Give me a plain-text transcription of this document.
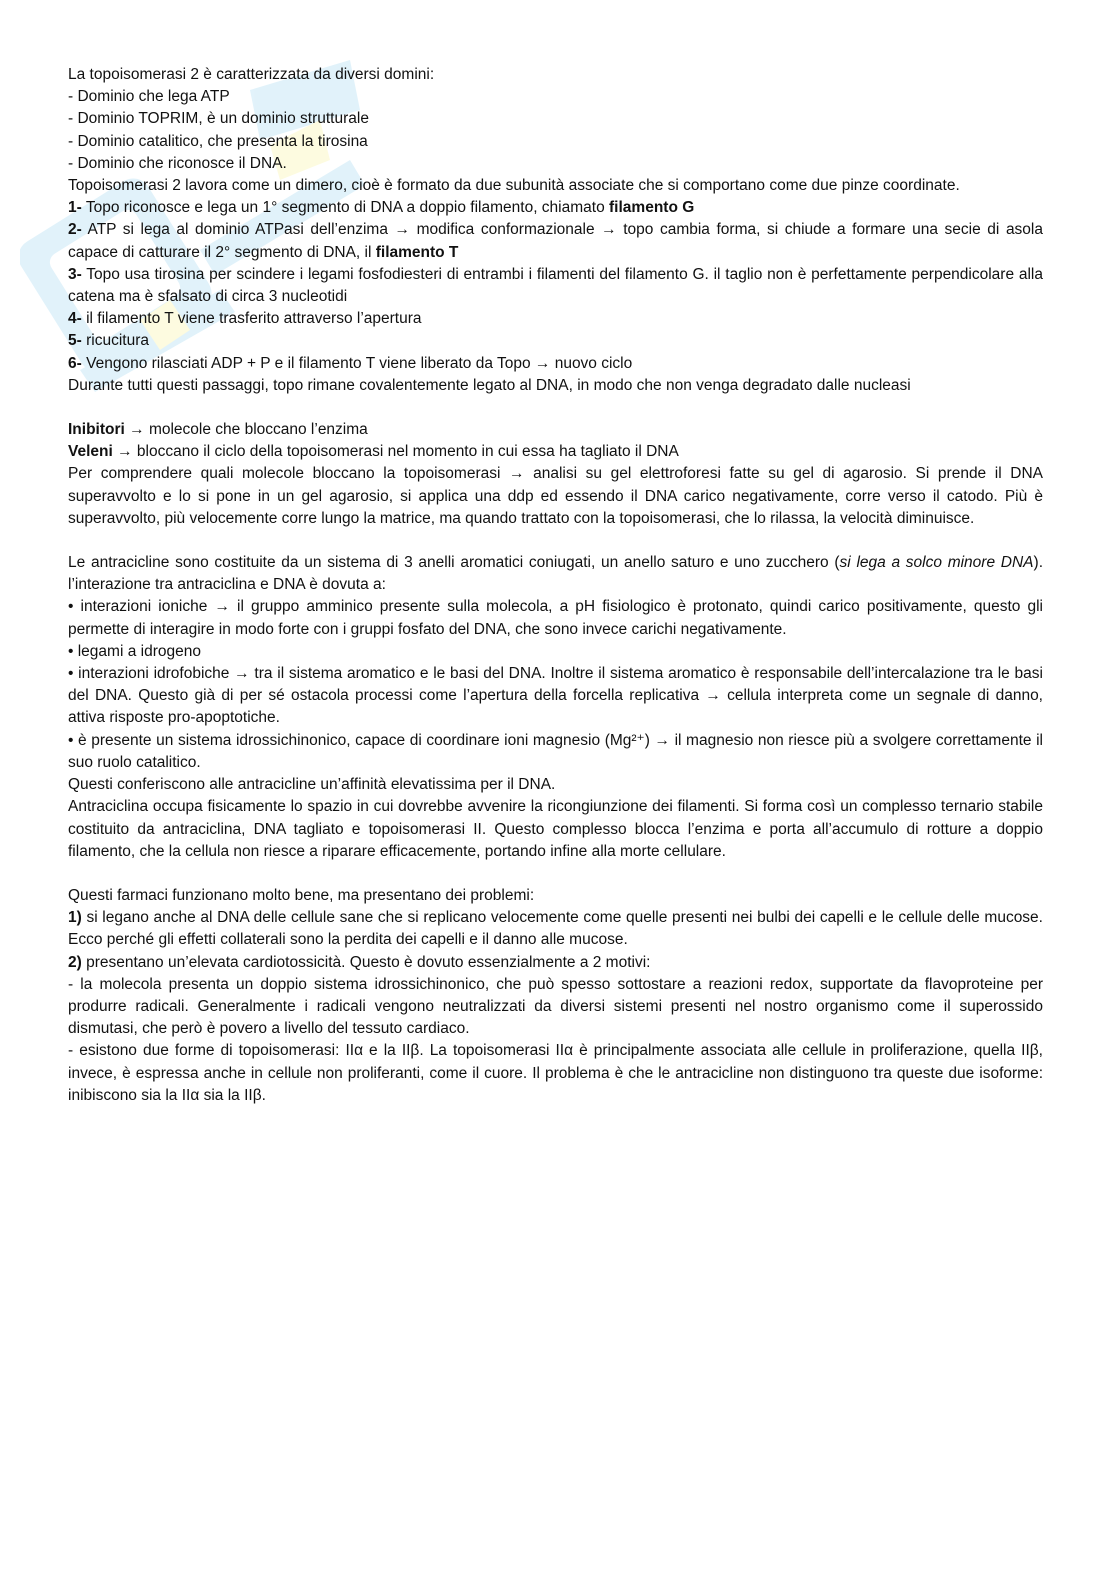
La topoisomerasi 2 è caratterizzata da diversi domini:

- Dominio che lega ATP

- Dominio TOPRIM, è un dominio strutturale

- Dominio catalitico, che presenta la tirosina

- Dominio che riconosce il DNA.

Topoisomerasi 2 lavora come un dimero, cioè è formato da due subunità associate che si comportano come due pinze coordinate.

1- Topo riconosce e lega un 1° segmento di DNA a doppio filamento, chiamato filamento G

2- ATP si lega al dominio ATPasi dell’enzima → modifica conformazionale → topo cambia forma, si chiude a formare una secie di asola capace di catturare il 2° segmento di DNA, il filamento T

3- Topo usa tirosina per scindere i legami fosfodiesteri di entrambi i filamenti del filamento G. il taglio non è perfettamente perpendicolare alla catena ma è sfalsato di circa 3 nucleotidi

4- il filamento T viene trasferito attraverso l’apertura

5- ricucitura

6- Vengono rilasciati ADP + P e il filamento T viene liberato da Topo → nuovo ciclo

Durante tutti questi passaggi, topo rimane covalentemente legato al DNA, in modo che non venga degradato dalle nucleasi

Inibitori → molecole che bloccano l’enzima

Veleni → bloccano il ciclo della topoisomerasi nel momento in cui essa ha tagliato il DNA

Per comprendere quali molecole bloccano la topoisomerasi → analisi su gel elettroforesi fatte su gel di agarosio. Si prende il DNA superavvolto e lo si pone in un gel agarosio, si applica una ddp ed essendo il DNA carico negativamente, corre verso il catodo. Più è superavvolto, più velocemente corre lungo la matrice, ma quando trattato con la topoisomerasi, che lo rilassa, la velocità diminuisce.

Le antracicline sono costituite da un sistema di 3 anelli aromatici coniugati, un anello saturo e uno zucchero (si lega a solco minore DNA). l’interazione tra antraciclina e DNA è dovuta a:

• interazioni ioniche → il gruppo amminico presente sulla molecola, a pH fisiologico è protonato, quindi carico positivamente, questo gli permette di interagire in modo forte con i gruppi fosfato del DNA, che sono invece carichi negativamente.

• legami a idrogeno

• interazioni idrofobiche → tra il sistema aromatico e le basi del DNA. Inoltre il sistema aromatico è responsabile dell’intercalazione tra le basi del DNA. Questo già di per sé ostacola processi come l’apertura della forcella replicativa → cellula interpreta come un segnale di danno, attiva risposte pro-apoptotiche.

• è presente un sistema idrossichinonico, capace di coordinare ioni magnesio (Mg²⁺) → il magnesio non riesce più a svolgere correttamente il suo ruolo catalitico.

Questi conferiscono alle antracicline un’affinità elevatissima per il DNA.

Antraciclina occupa fisicamente lo spazio in cui dovrebbe avvenire la ricongiunzione dei filamenti. Si forma così un complesso ternario stabile costituito da antraciclina, DNA tagliato e topoisomerasi II. Questo complesso blocca l’enzima e porta all’accumulo di rotture a doppio filamento, che la cellula non riesce a riparare efficacemente, portando infine alla morte cellulare.

Questi farmaci funzionano molto bene, ma presentano dei problemi:

1) si legano anche al DNA delle cellule sane che si replicano velocemente come quelle presenti nei bulbi dei capelli e le cellule delle mucose. Ecco perché gli effetti collaterali sono la perdita dei capelli e il danno alle mucose.

2) presentano un’elevata cardiotossicità. Questo è dovuto essenzialmente a 2 motivi:

- la molecola presenta un doppio sistema idrossichinonico, che può spesso sottostare a reazioni redox, supportate da flavoproteine per produrre radicali. Generalmente i radicali vengono neutralizzati da diversi sistemi presenti nel nostro organismo come il superossido dismutasi, che però è povero a livello del tessuto cardiaco.

- esistono due forme di topoisomerasi: IIα e la IIβ. La topoisomerasi IIα è principalmente associata alle cellule in proliferazione, quella IIβ, invece, è espressa anche in cellule non proliferanti, come il cuore. Il problema è che le antracicline non distinguono tra queste due isoforme: inibiscono sia la IIα sia la IIβ.
